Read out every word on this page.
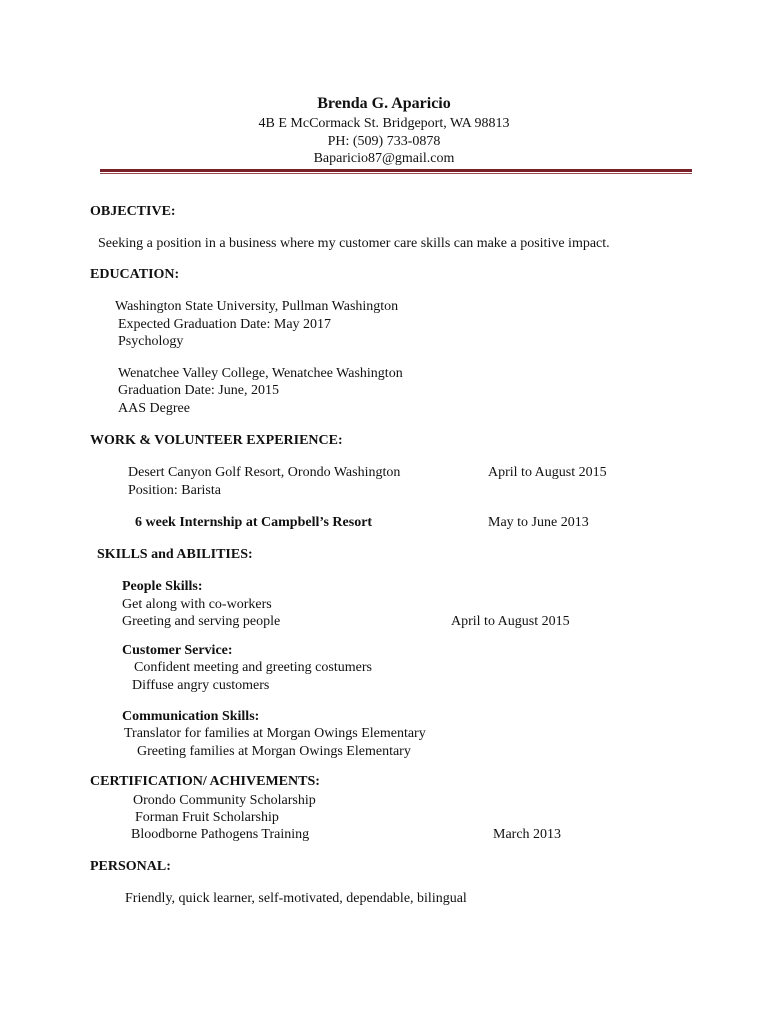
Brenda G. Aparicio
4B E McCormack St. Bridgeport, WA 98813
PH: (509) 733-0878
Baparicio87@gmail.com
OBJECTIVE:
Seeking a position in a business where my customer care skills can make a positive impact.
EDUCATION:
Washington State University, Pullman Washington
Expected Graduation Date: May 2017
Psychology
Wenatchee Valley College, Wenatchee Washington
Graduation Date: June, 2015
AAS Degree
WORK & VOLUNTEER EXPERIENCE:
Desert Canyon Golf Resort, Orondo Washington	April to August 2015
Position: Barista
6 week Internship at Campbell’s Resort	May to June 2013
SKILLS and ABILITIES:
People Skills:
Get along with co-workers
Greeting and serving people	April to August 2015
Customer Service:
Confident meeting and greeting costumers
Diffuse angry customers
Communication Skills:
Translator for families at Morgan Owings Elementary
Greeting families at Morgan Owings Elementary
CERTIFICATION/ ACHIVEMENTS:
Orondo Community Scholarship
Forman Fruit Scholarship
Bloodborne Pathogens Training	March 2013
PERSONAL:
Friendly, quick learner, self-motivated, dependable, bilingual
